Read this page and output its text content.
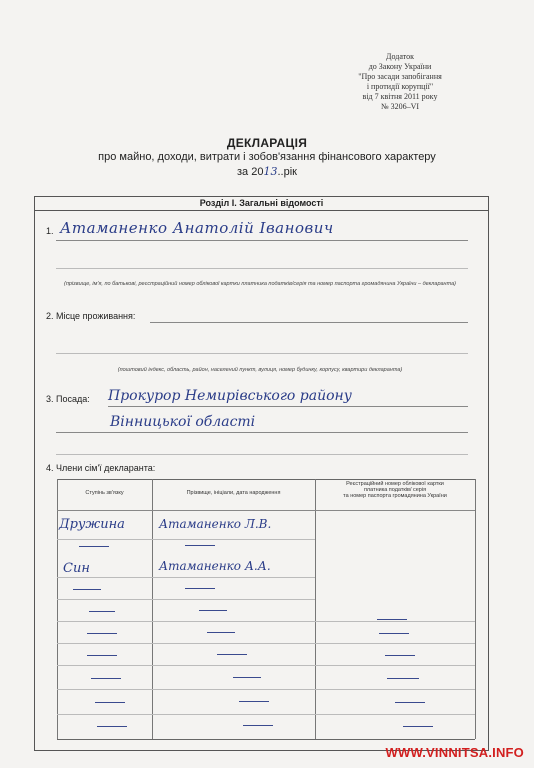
Додаток
до Закону України
"Про засади запобігання
і протидії корупції"
від 7 квітня 2011 року
№ 3206–VI
ДЕКЛАРАЦІЯ
про майно, доходи, витрати і зобов'язання фінансового характеру
за 2013..рік
Розділ І. Загальні відомості
1. Атаманенко Анатолій Іванович
(прізвище, ім'я, по батькові, реєстраційний номер облікової картки платника податків/серія та номер паспорта громадянина України – декларанта)
2. Місце проживання:
(поштовий індекс, область, район, населений пункт, вулиця, номер будинку, корпусу, квартири декларанта)
3. Посада: Прокурор Немирівського району
Вінницької області
4. Члени сім'ї декларанта:
Ступінь зв'язку	Прізвище, ініціали, дата народження
Реєстраційний номер облікової картки
платника податків/ серія
та номер паспорта громадянина України
Дружина	Атаманенко Л.В.
Син	Атаманенко А.А.
WWW.VINNITSA.INFO
